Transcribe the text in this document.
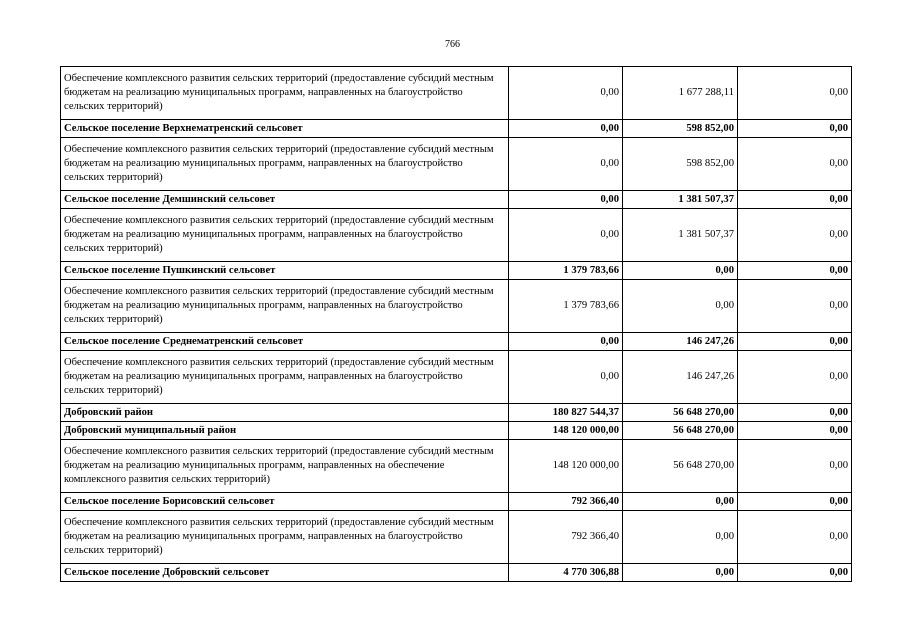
766
Обеспечение комплексного развития сельских территорий (предоставление субсидий местным бюджетам на реализацию муниципальных программ, направленных на благоустройство сельских территорий)	0,00	1 677 288,11	0,00
Сельское поселение Верхнематренский сельсовет	0,00	598 852,00	0,00
Обеспечение комплексного развития сельских территорий (предоставление субсидий местным бюджетам на реализацию муниципальных программ, направленных на благоустройство сельских территорий)	0,00	598 852,00	0,00
Сельское поселение Демшинский сельсовет	0,00	1 381 507,37	0,00
Обеспечение комплексного развития сельских территорий (предоставление субсидий местным бюджетам на реализацию муниципальных программ, направленных на благоустройство сельских территорий)	0,00	1 381 507,37	0,00
Сельское поселение Пушкинский сельсовет	1 379 783,66	0,00	0,00
Обеспечение комплексного развития сельских территорий (предоставление субсидий местным бюджетам на реализацию муниципальных программ, направленных на благоустройство сельских территорий)	1 379 783,66	0,00	0,00
Сельское поселение Среднематренский сельсовет	0,00	146 247,26	0,00
Обеспечение комплексного развития сельских территорий (предоставление субсидий местным бюджетам на реализацию муниципальных программ, направленных на благоустройство сельских территорий)	0,00	146 247,26	0,00
Добровский район	180 827 544,37	56 648 270,00	0,00
Добровский муниципальный район	148 120 000,00	56 648 270,00	0,00
Обеспечение комплексного развития сельских территорий (предоставление субсидий местным бюджетам на реализацию муниципальных программ, направленных на обеспечение комплексного развития сельских территорий)	148 120 000,00	56 648 270,00	0,00
Сельское поселение Борисовский сельсовет	792 366,40	0,00	0,00
Обеспечение комплексного развития сельских территорий (предоставление субсидий местным бюджетам на реализацию муниципальных программ, направленных на благоустройство сельских территорий)	792 366,40	0,00	0,00
Сельское поселение Добровский сельсовет	4 770 306,88	0,00	0,00
